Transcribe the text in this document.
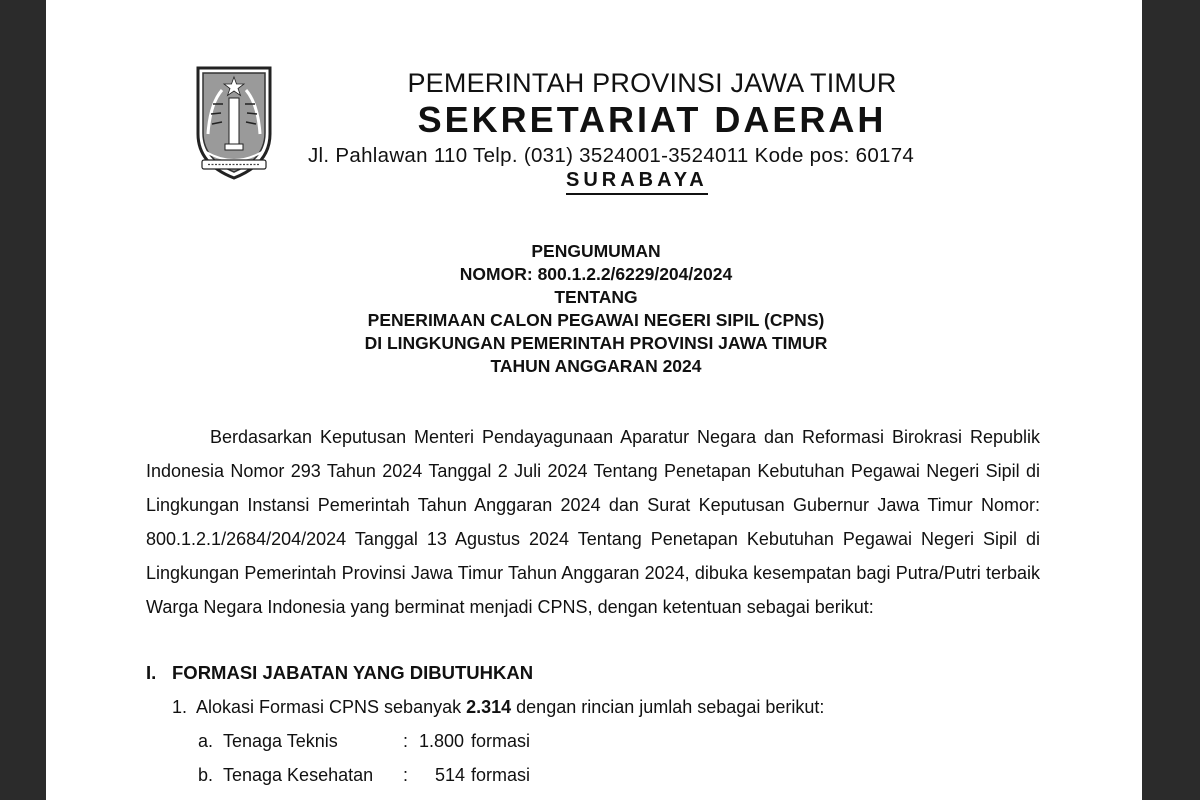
PEMERINTAH PROVINSI JAWA TIMUR
SEKRETARIAT DAERAH
Jl. Pahlawan 110 Telp. (031) 3524001-3524011 Kode pos: 60174
SURABAYA
PENGUMUMAN
NOMOR: 800.1.2.2/6229/204/2024
TENTANG
PENERIMAAN CALON PEGAWAI NEGERI SIPIL (CPNS)
DI LINGKUNGAN PEMERINTAH PROVINSI JAWA TIMUR
TAHUN ANGGARAN 2024
Berdasarkan Keputusan Menteri Pendayagunaan Aparatur Negara dan Reformasi Birokrasi Republik Indonesia Nomor 293 Tahun 2024 Tanggal 2 Juli 2024 Tentang Penetapan Kebutuhan Pegawai Negeri Sipil di Lingkungan Instansi Pemerintah Tahun Anggaran 2024 dan Surat Keputusan Gubernur Jawa Timur Nomor: 800.1.2.1/2684/204/2024 Tanggal 13 Agustus 2024 Tentang Penetapan Kebutuhan Pegawai Negeri Sipil di Lingkungan Pemerintah Provinsi Jawa Timur Tahun Anggaran 2024, dibuka kesempatan bagi Putra/Putri terbaik Warga Negara Indonesia yang berminat menjadi CPNS, dengan ketentuan sebagai berikut:
I. FORMASI JABATAN YANG DIBUTUHKAN
1. Alokasi Formasi CPNS sebanyak 2.314 dengan rincian jumlah sebagai berikut:
a. Tenaga Teknis	: 1.800 formasi
b. Tenaga Kesehatan : 514 formasi
